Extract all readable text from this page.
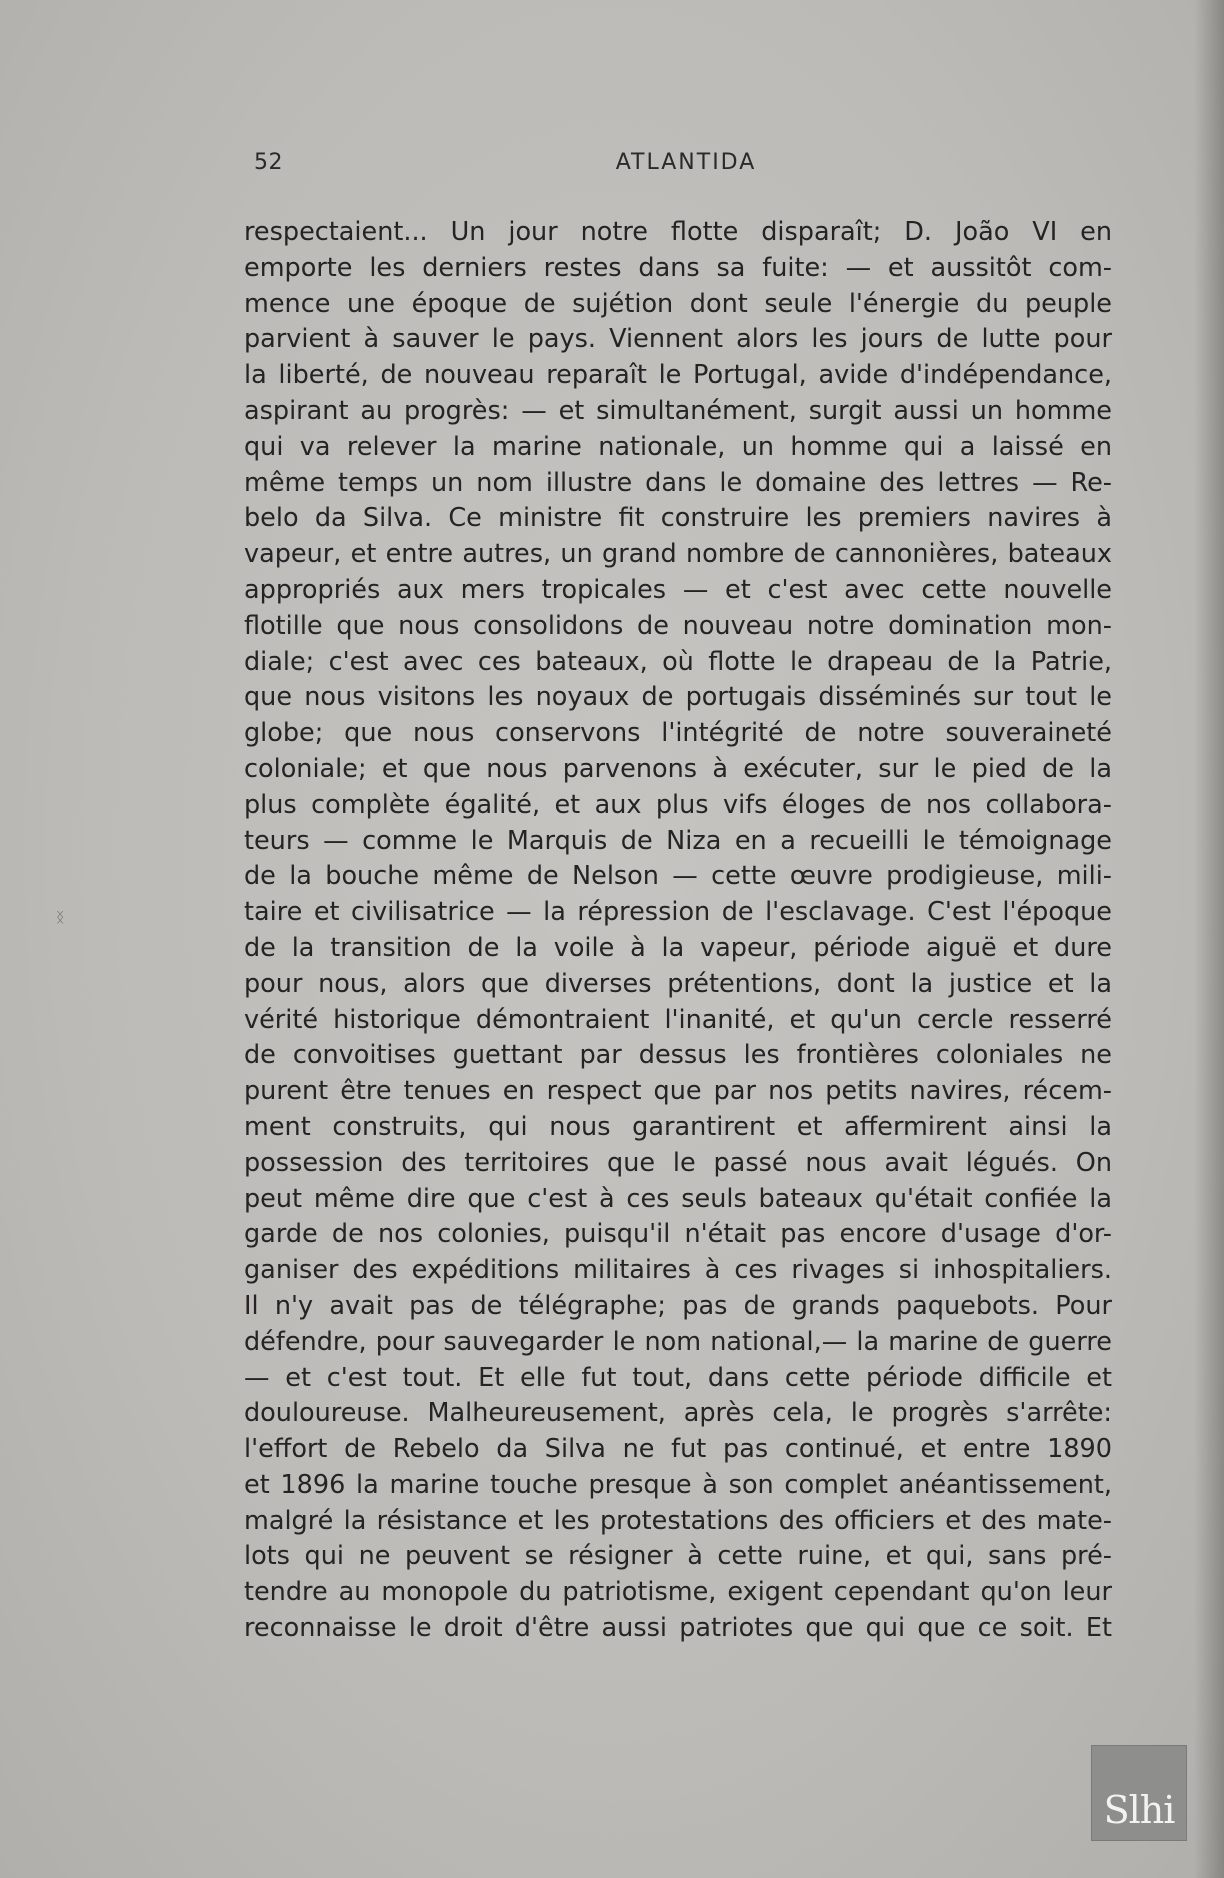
52	ATLANTIDA
respectaient... Un jour notre flotte disparaît; D. João VI en
emporte les derniers restes dans sa fuite: — et aussitôt com-
mence une époque de sujétion dont seule l'énergie du peuple
parvient à sauver le pays. Viennent alors les jours de lutte pour
la liberté, de nouveau reparaît le Portugal, avide d'indépendance,
aspirant au progrès: — et simultanément, surgit aussi un homme
qui va relever la marine nationale, un homme qui a laissé en
même temps un nom illustre dans le domaine des lettres — Re-
belo da Silva. Ce ministre fit construire les premiers navires à
vapeur, et entre autres, un grand nombre de cannonières, bateaux
appropriés aux mers tropicales — et c'est avec cette nouvelle
flotille que nous consolidons de nouveau notre domination mon-
diale; c'est avec ces bateaux, où flotte le drapeau de la Patrie,
que nous visitons les noyaux de portugais disséminés sur tout le
globe; que nous conservons l'intégrité de notre souveraineté
coloniale; et que nous parvenons à exécuter, sur le pied de la
plus complète égalité, et aux plus vifs éloges de nos collabora-
teurs — comme le Marquis de Niza en a recueilli le témoignage
de la bouche même de Nelson — cette œuvre prodigieuse, mili-
taire et civilisatrice — la répression de l'esclavage. C'est l'époque
de la transition de la voile à la vapeur, période aiguë et dure
pour nous, alors que diverses prétentions, dont la justice et la
vérité historique démontraient l'inanité, et qu'un cercle resserré
de convoitises guettant par dessus les frontières coloniales ne
purent être tenues en respect que par nos petits navires, récem-
ment construits, qui nous garantirent et affermirent ainsi la
possession des territoires que le passé nous avait légués. On
peut même dire que c'est à ces seuls bateaux qu'était confiée la
garde de nos colonies, puisqu'il n'était pas encore d'usage d'or-
ganiser des expéditions militaires à ces rivages si inhospitaliers.
Il n'y avait pas de télégraphe; pas de grands paquebots. Pour
défendre, pour sauvegarder le nom national,— la marine de guerre
— et c'est tout. Et elle fut tout, dans cette période difficile et
douloureuse. Malheureusement, après cela, le progrès s'arrête:
l'effort de Rebelo da Silva ne fut pas continué, et entre 1890
et 1896 la marine touche presque à son complet anéantissement,
malgré la résistance et les protestations des officiers et des mate-
lots qui ne peuvent se résigner à cette ruine, et qui, sans pré-
tendre au monopole du patriotisme, exigent cependant qu'on leur
reconnaisse le droit d'être aussi patriotes que qui que ce soit. Et
ᛝ
Slhi
